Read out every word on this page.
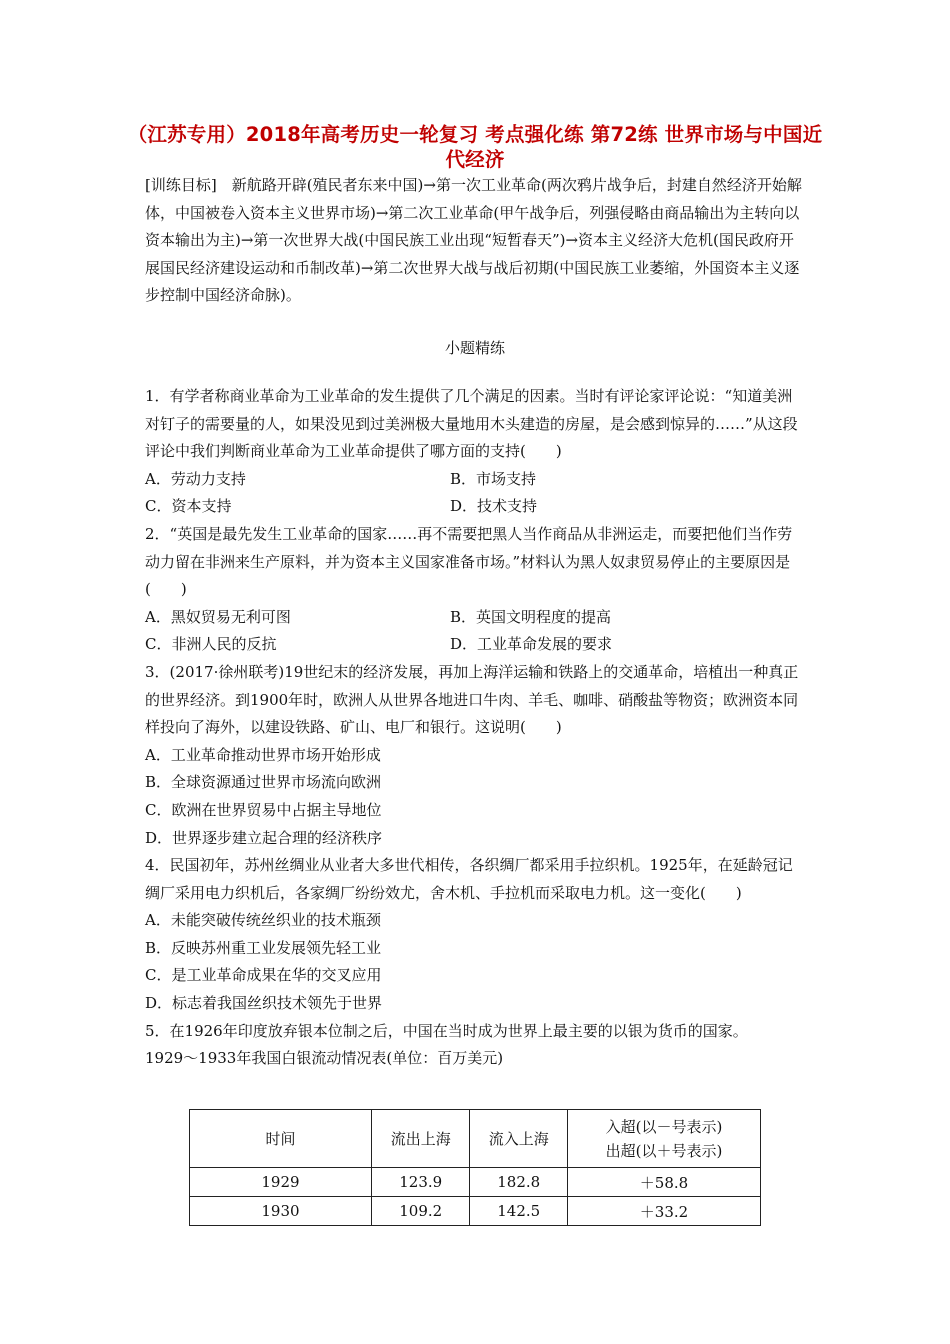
（江苏专用）2018年高考历史一轮复习 考点强化练 第72练 世界市场与中国近代经济
[训练目标]　新航路开辟(殖民者东来中国)→第一次工业革命(两次鸦片战争后，封建自然经济开始解体，中国被卷入资本主义世界市场)→第二次工业革命(甲午战争后，列强侵略由商品输出为主转向以资本输出为主)→第一次世界大战(中国民族工业出现“短暂春天”)→资本主义经济大危机(国民政府开展国民经济建设运动和币制改革)→第二次世界大战与战后初期(中国民族工业萎缩，外国资本主义逐步控制中国经济命脉)。
小题精练

1．有学者称商业革命为工业革命的发生提供了几个满足的因素。当时有评论家评论说：“知道美洲对钉子的需要量的人，如果没见到过美洲极大量地用木头建造的房屋，是会感到惊异的……”从这段评论中我们判断商业革命为工业革命提供了哪方面的支持(　　)

A．劳动力支持	B．市场支持
C．资本支持	D．技术支持

2．“英国是最先发生工业革命的国家……再不需要把黑人当作商品从非洲运走，而要把他们当作劳动力留在非洲来生产原料，并为资本主义国家准备市场。”材料认为黑人奴隶贸易停止的主要原因是(　　)

A．黑奴贸易无利可图	B．英国文明程度的提高
C．非洲人民的反抗	D．工业革命发展的要求

3．(2017·徐州联考)19世纪末的经济发展，再加上海洋运输和铁路上的交通革命，培植出一种真正的世界经济。到1900年时，欧洲人从世界各地进口牛肉、羊毛、咖啡、硝酸盐等物资；欧洲资本同样投向了海外，以建设铁路、矿山、电厂和银行。这说明(　　)

A．工业革命推动世界市场开始形成
B．全球资源通过世界市场流向欧洲
C．欧洲在世界贸易中占据主导地位
D．世界逐步建立起合理的经济秩序

4．民国初年，苏州丝绸业从业者大多世代相传，各织绸厂都采用手拉织机。1925年，在延龄冠记绸厂采用电力织机后，各家绸厂纷纷效尤，舍木机、手拉机而采取电力机。这一变化(　　)

A．未能突破传统丝织业的技术瓶颈
B．反映苏州重工业发展领先轻工业
C．是工业革命成果在华的交叉应用
D．标志着我国丝织技术领先于世界

5．在1926年印度放弃银本位制之后，中国在当时成为世界上最主要的以银为货币的国家。

1929～1933年我国白银流动情况表(单位：百万美元)
时间	流出上海	流入上海	入超(以－号表示)
出超(以＋号表示)

1929	123.9	182.8	＋58.8
1930	109.2	142.5	＋33.2
